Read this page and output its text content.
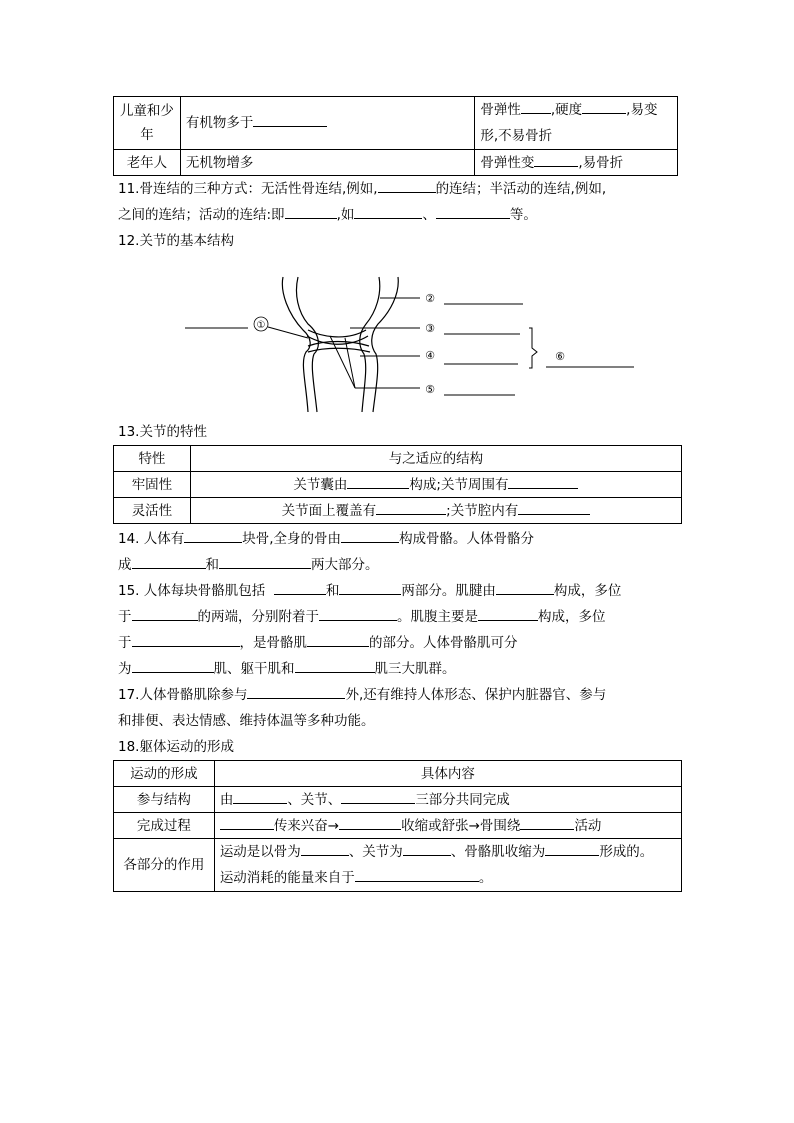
儿童和少年	有机物多于	骨弹性 ,硬度 ,易变形,不易骨折
老年人	无机物增多	骨弹性变 ,易骨折
11.骨连结的三种方式：无活性骨连结,例如,	的连结；半活动的连结,例如,
之间的连结；活动的连结:即	,如	、	等。
12.关节的基本结构
①
②
③
④
⑤
⑥
13.关节的特性
特性	与之适应的结构
牢固性	关节囊由 构成;关节周围有
灵活性	关节面上覆盖有 ;关节腔内有
14. 人体有	块骨,全身的骨由	构成骨骼。人体骨骼分
成	和	两大部分。
15. 人体每块骨骼肌包括	和	两部分。肌腱由	构成，多位
于	的两端，分别附着于	。肌腹主要是	构成，多位
于	，是骨骼肌	的部分。人体骨骼肌可分
为	肌、躯干肌和	肌三大肌群。
17.人体骨骼肌除参与	外,还有维持人体形态、保护内脏器官、参与
和排便、表达情感、维持体温等多种功能。
18.躯体运动的形成
运动的形成	具体内容
参与结构	由 、关节、 三部分共同完成
完成过程	传来兴奋→ 收缩或舒张→骨围绕 活动
各部分的作用	运动是以骨为 、关节为 、骨骼肌收缩为 形成的。
运动消耗的能量来自于 。
